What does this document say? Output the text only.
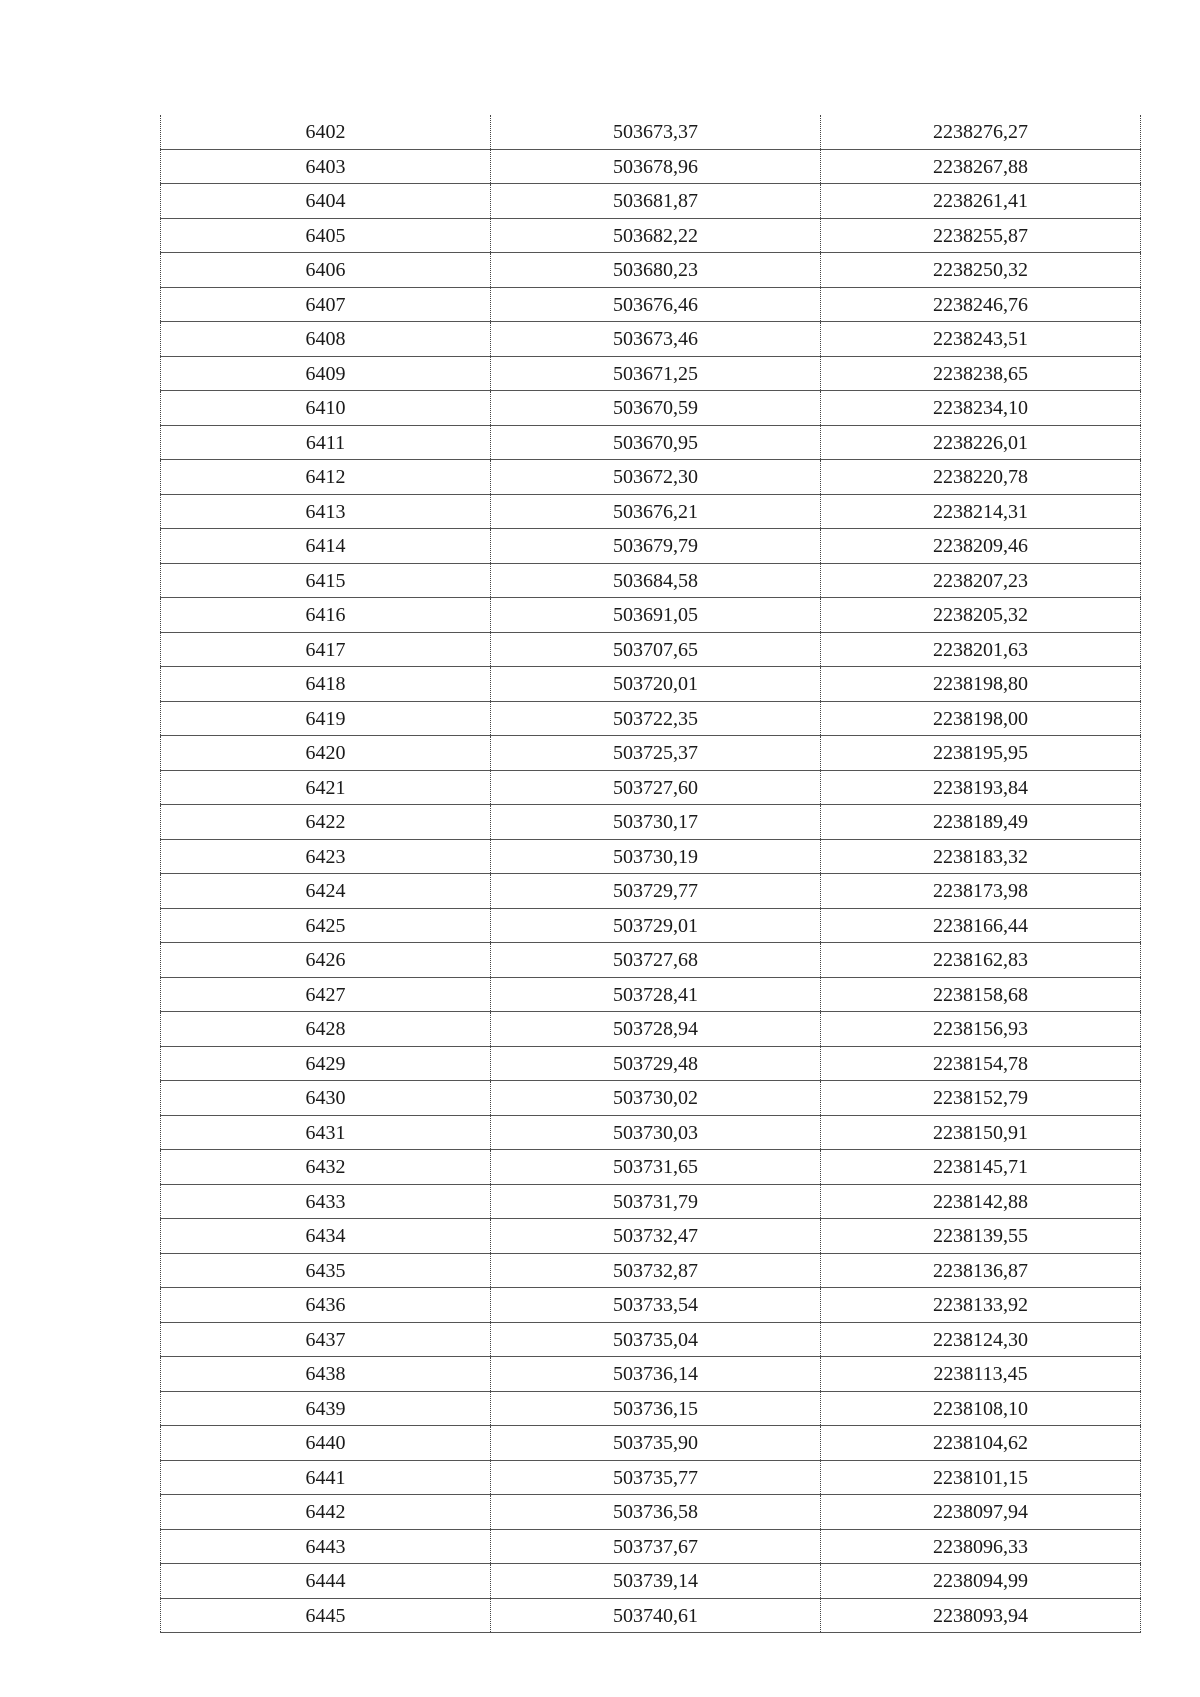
6402	503673,37	2238276,27
6403	503678,96	2238267,88
6404	503681,87	2238261,41
6405	503682,22	2238255,87
6406	503680,23	2238250,32
6407	503676,46	2238246,76
6408	503673,46	2238243,51
6409	503671,25	2238238,65
6410	503670,59	2238234,10
6411	503670,95	2238226,01
6412	503672,30	2238220,78
6413	503676,21	2238214,31
6414	503679,79	2238209,46
6415	503684,58	2238207,23
6416	503691,05	2238205,32
6417	503707,65	2238201,63
6418	503720,01	2238198,80
6419	503722,35	2238198,00
6420	503725,37	2238195,95
6421	503727,60	2238193,84
6422	503730,17	2238189,49
6423	503730,19	2238183,32
6424	503729,77	2238173,98
6425	503729,01	2238166,44
6426	503727,68	2238162,83
6427	503728,41	2238158,68
6428	503728,94	2238156,93
6429	503729,48	2238154,78
6430	503730,02	2238152,79
6431	503730,03	2238150,91
6432	503731,65	2238145,71
6433	503731,79	2238142,88
6434	503732,47	2238139,55
6435	503732,87	2238136,87
6436	503733,54	2238133,92
6437	503735,04	2238124,30
6438	503736,14	2238113,45
6439	503736,15	2238108,10
6440	503735,90	2238104,62
6441	503735,77	2238101,15
6442	503736,58	2238097,94
6443	503737,67	2238096,33
6444	503739,14	2238094,99
6445	503740,61	2238093,94
